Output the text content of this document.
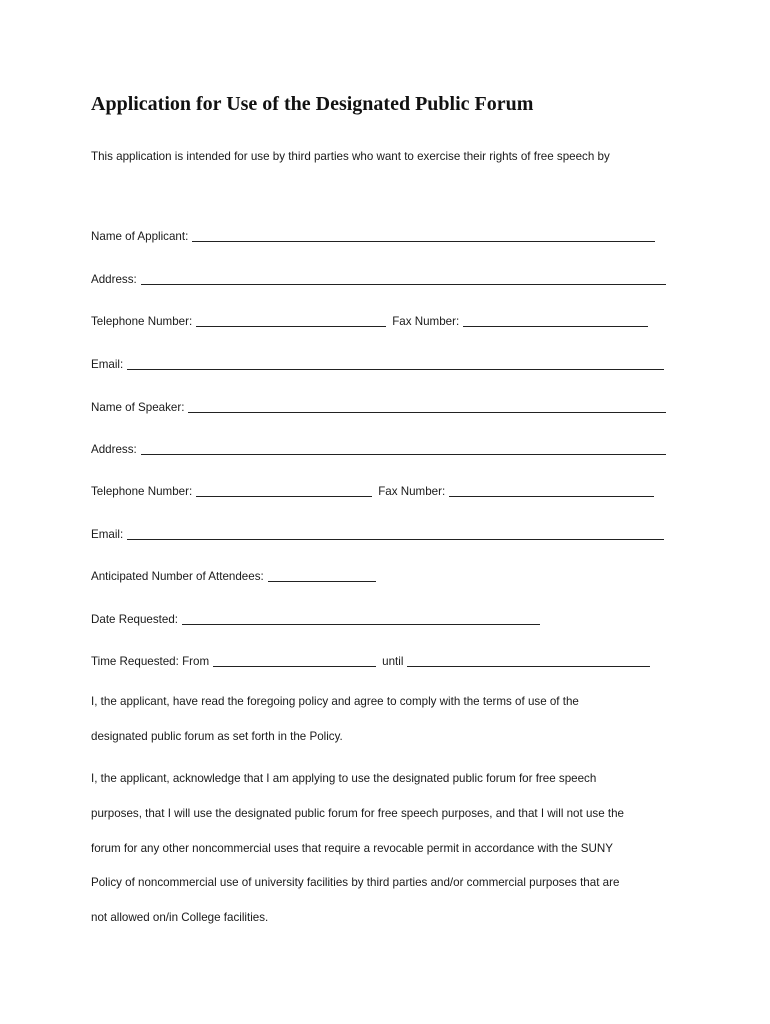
Application for Use of the Designated Public Forum
This application is intended for use by third parties who want to exercise their rights of free speech by
Name of Applicant:
Address:
Telephone Number:	Fax Number:
Email:
Name of Speaker:
Address:
Telephone Number:	Fax Number:
Email:
Anticipated Number of Attendees:
Date Requested:
Time Requested: From	until
I, the applicant, have read the foregoing policy and agree to comply with the terms of use of the
designated public forum as set forth in the Policy.
I, the applicant, acknowledge that I am applying to use the designated public forum for free speech
purposes, that I will use the designated public forum for free speech purposes, and that I will not use the
forum for any other noncommercial uses that require a revocable permit in accordance with the SUNY
Policy of noncommercial use of university facilities by third parties and/or commercial purposes that are
not allowed on/in College facilities.
